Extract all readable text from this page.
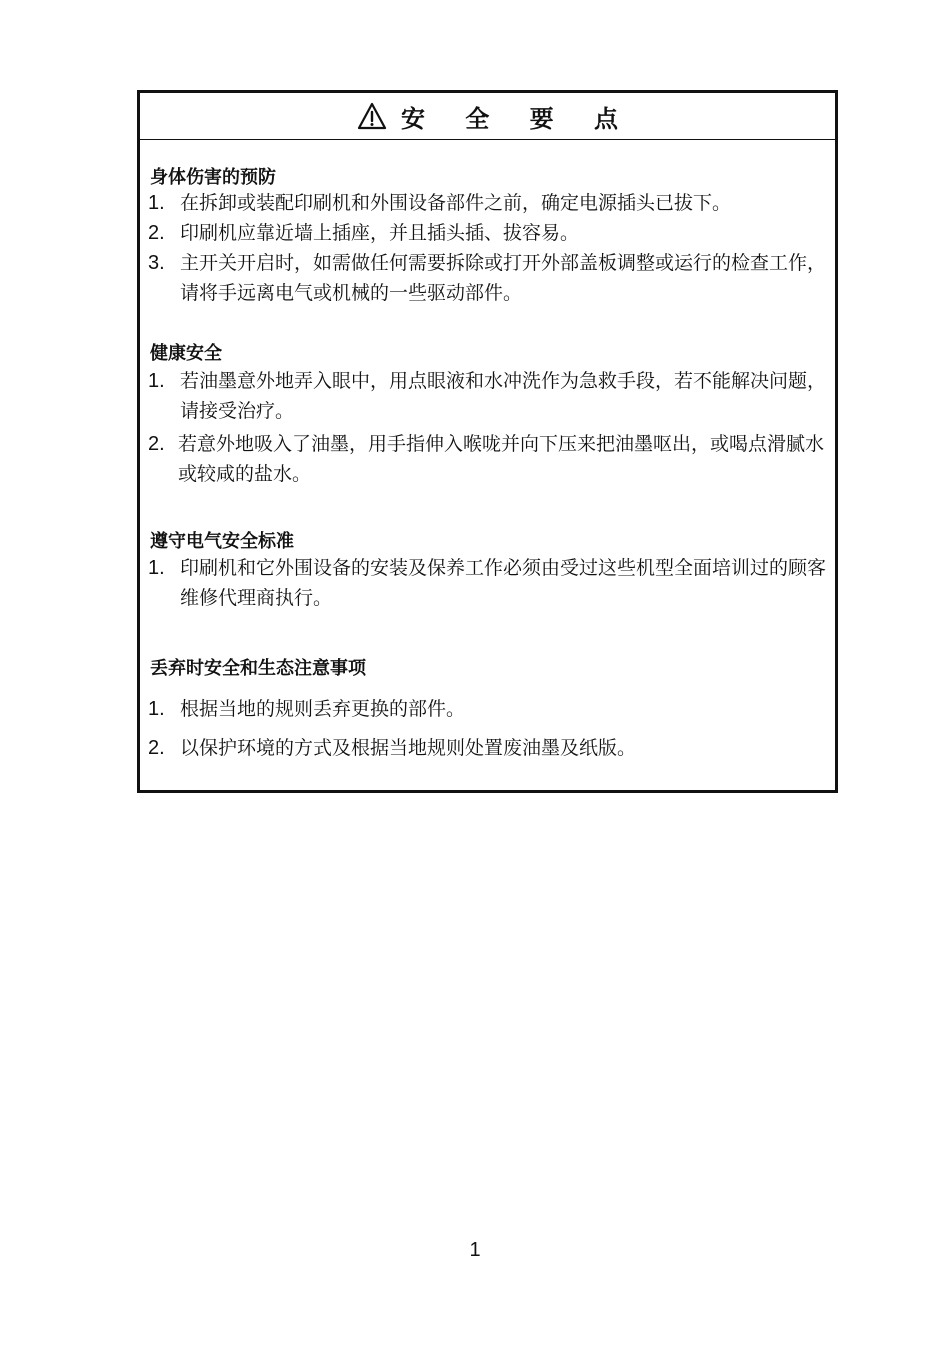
安 全 要 点
身体伤害的预防
1. 在拆卸或装配印刷机和外围设备部件之前，确定电源插头已拔下。
2. 印刷机应靠近墙上插座，并且插头插、拔容易。
3. 主开关开启时，如需做任何需要拆除或打开外部盖板调整或运行的检查工作，请将手远离电气或机械的一些驱动部件。
健康安全
1. 若油墨意外地弄入眼中，用点眼液和水冲洗作为急救手段，若不能解决问题，请接受治疗。
2. 若意外地吸入了油墨，用手指伸入喉咙并向下压来把油墨呕出，或喝点滑腻水或较咸的盐水。
遵守电气安全标准
1. 印刷机和它外围设备的安装及保养工作必须由受过这些机型全面培训过的顾客维修代理商执行。
丢弃时安全和生态注意事项
1. 根据当地的规则丢弃更换的部件。
2. 以保护环境的方式及根据当地规则处置废油墨及纸版。
1
